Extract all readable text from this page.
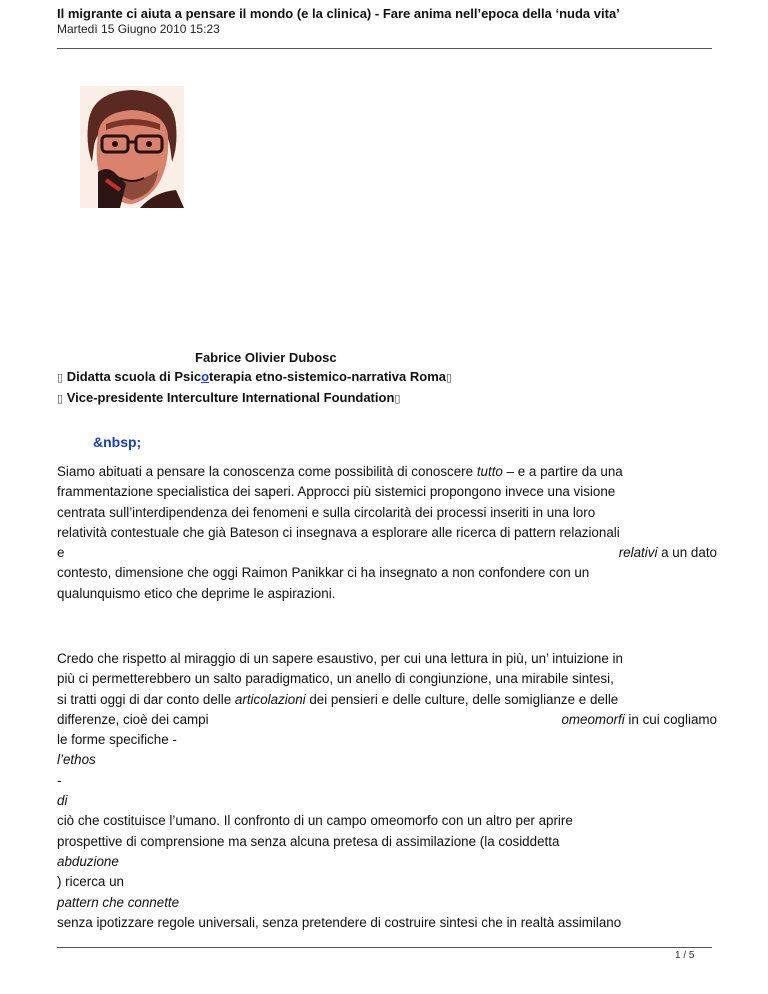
Il migrante ci aiuta a pensare il mondo (e la clinica) - Fare anima nell’epoca della ‘nuda vita’
Martedì 15 Giugno 2010 15:23
Fabrice Olivier Dubosc
▯ Didatta scuola di Psicoterapia etno-sistemico-narrativa Roma▯
▯ Vice-presidente Interculture International Foundation▯
&nbsp;
Siamo abituati a pensare la conoscenza come possibilità di conoscere tutto – e a partire da una
frammentazione specialistica dei saperi. Approcci più sistemici propongono invece una visione
centrata sull’interdipendenza dei fenomeni e sulla circolarità dei processi inseriti in una loro
relatività contestuale che già Bateson ci insegnava a esplorare alle ricerca di pattern relazionali
e	relativi a un dato
contesto, dimensione che oggi Raimon Panikkar ci ha insegnato a non confondere con un
qualunquismo etico che deprime le aspirazioni.
Credo che rispetto al miraggio di un sapere esaustivo, per cui una lettura in più, un’ intuizione in
più ci permetterebbero un salto paradigmatico, un anello di congiunzione, una mirabile sintesi,
si tratti oggi di dar conto delle articolazioni dei pensieri e delle culture, delle somiglianze e delle
differenze, cioè dei campi	omeomorfi in cui cogliamo
le forme specifiche -
l’ethos
-
di
ciò che costituisce l’umano. Il confronto di un campo omeomorfo con un altro per aprire
prospettive di comprensione ma senza alcuna pretesa di assimilazione (la cosiddetta
abduzione
) ricerca un
pattern che connette
senza ipotizzare regole universali, senza pretendere di costruire sintesi che in realtà assimilano
1 / 5
